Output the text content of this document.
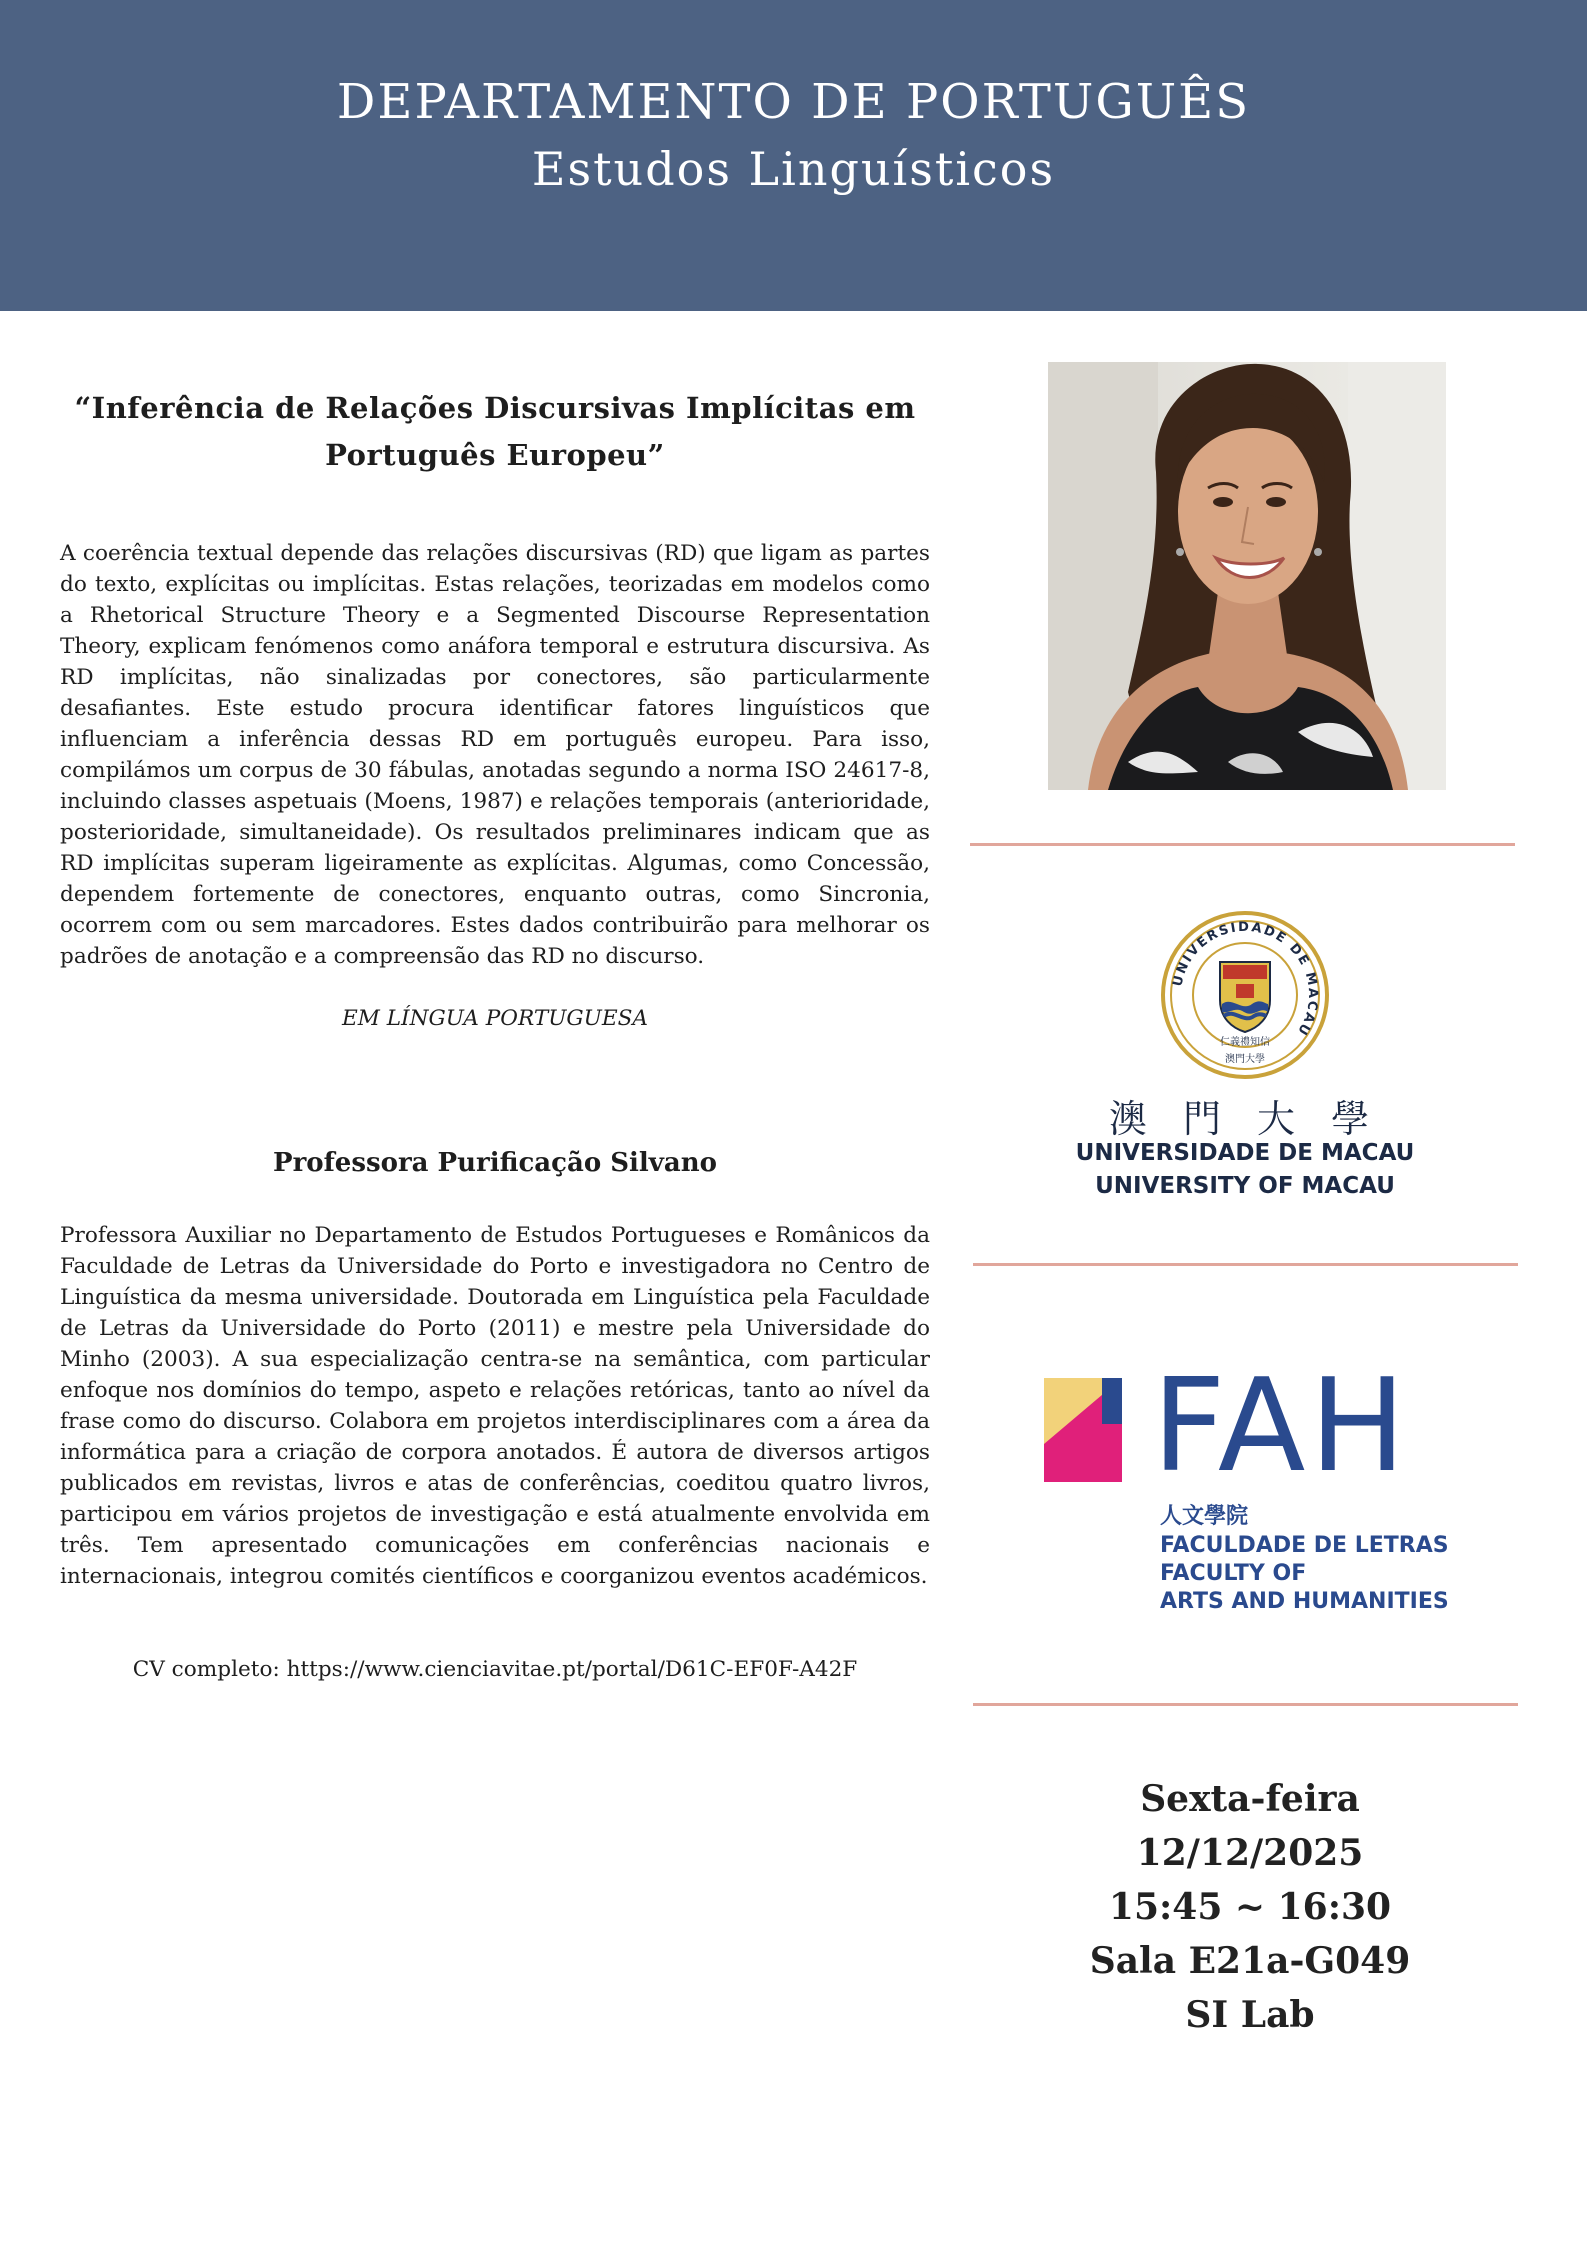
DEPARTAMENTO DE PORTUGUÊS
Estudos Linguísticos
“Inferência de Relações Discursivas Implícitas em
Português Europeu”

A coerência textual depende das relações discursivas (RD) que ligam as partes do texto, explícitas ou implícitas. Estas relações, teorizadas em modelos como a Rhetorical Structure Theory e a Segmented Discourse Representation Theory, explicam fenómenos como anáfora temporal e estrutura discursiva. As RD implícitas, não sinalizadas por conectores, são particularmente desafiantes. Este estudo procura identificar fatores linguísticos que influenciam a inferência dessas RD em português europeu. Para isso, compilámos um corpus de 30 fábulas, anotadas segundo a norma ISO 24617-8, incluindo classes aspetuais (Moens, 1987) e relações temporais (anterioridade, posterioridade, simultaneidade). Os resultados preliminares indicam que as RD implícitas superam ligeiramente as explícitas. Algumas, como Concessão, dependem fortemente de conectores, enquanto outras, como Sincronia, ocorrem com ou sem marcadores. Estes dados contribuirão para melhorar os padrões de anotação e a compreensão das RD no discurso.

EM LÍNGUA PORTUGUESA
Professora Purificação Silvano

Professora Auxiliar no Departamento de Estudos Portugueses e Românicos da Faculdade de Letras da Universidade do Porto e investigadora no Centro de Linguística da mesma universidade. Doutorada em Linguística pela Faculdade de Letras da Universidade do Porto (2011) e mestre pela Universidade do Minho (2003). A sua especialização centra-se na semântica, com particular enfoque nos domínios do tempo, aspeto e relações retóricas, tanto ao nível da frase como do discurso. Colabora em projetos interdisciplinares com a área da informática para a criação de corpora anotados. É autora de diversos artigos publicados em revistas, livros e atas de conferências, coeditou quatro livros, participou em vários projetos de investigação e está atualmente envolvida em três. Tem apresentado comunicações em conferências nacionais e internacionais, integrou comités científicos e coorganizou eventos académicos.

CV completo: https://www.cienciavitae.pt/portal/D61C-EF0F-A42F
UNIVERSIDADE DE MACAU
仁義禮知信
澳門大學
澳 門 大 學
UNIVERSIDADE DE MACAU
UNIVERSITY OF MACAU
FAH
人文學院
FACULDADE DE LETRAS
FACULTY OF
ARTS AND HUMANITIES
Sexta-feira
12/12/2025
15:45 ~ 16:30
Sala E21a-G049
SI Lab
